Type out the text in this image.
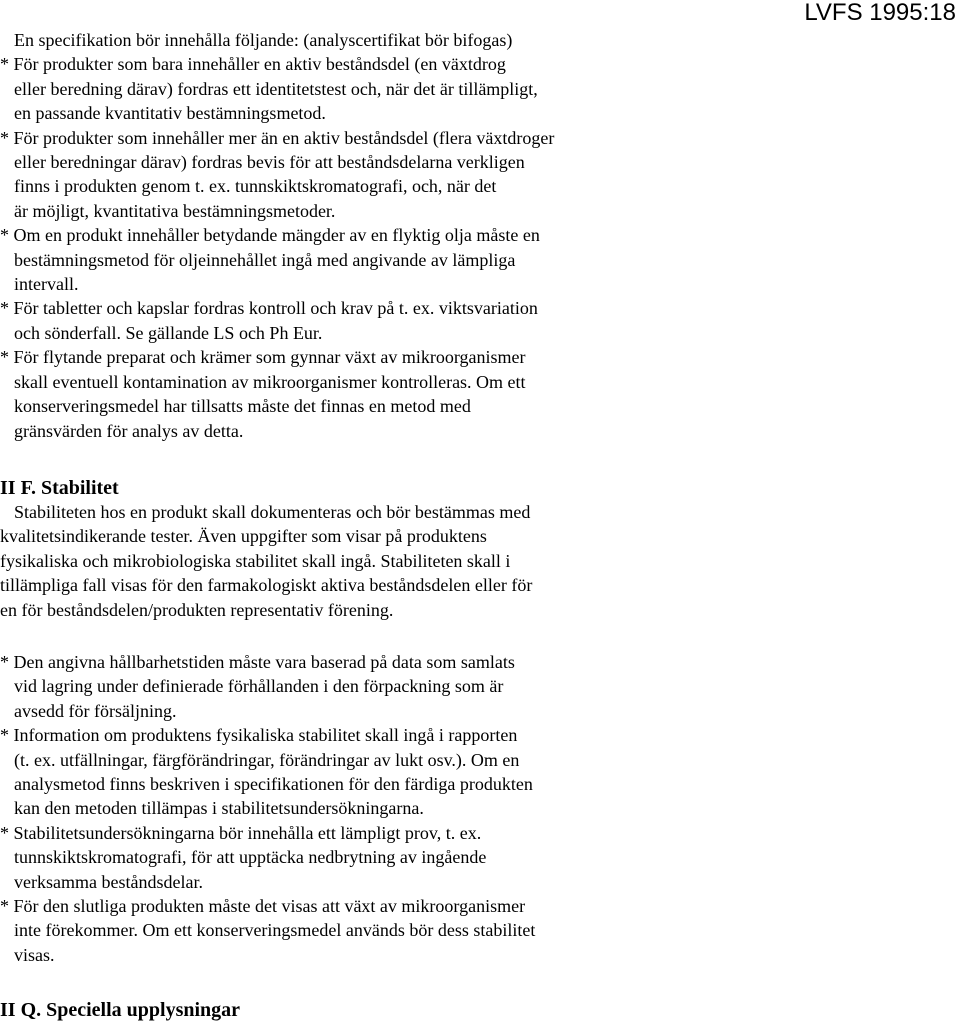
LVFS 1995:18
En specifikation bör innehålla följande: (analyscertifikat bör bifogas)
* För produkter som bara innehåller en aktiv beståndsdel (en växtdrog
eller beredning därav) fordras ett identitetstest och, när det är tillämpligt,
en passande kvantitativ bestämningsmetod.
* För produkter som innehåller mer än en aktiv beståndsdel (flera växtdroger
eller beredningar därav) fordras bevis för att beståndsdelarna verkligen
finns i produkten genom t. ex. tunnskiktskromatografi, och, när det
är möjligt, kvantitativa bestämningsmetoder.
* Om en produkt innehåller betydande mängder av en flyktig olja måste en
bestämningsmetod för oljeinnehållet ingå med angivande av lämpliga
intervall.
* För tabletter och kapslar fordras kontroll och krav på t. ex. viktsvariation
och sönderfall. Se gällande LS och Ph Eur.
* För flytande preparat och krämer som gynnar växt av mikroorganismer
skall eventuell kontamination av mikroorganismer kontrolleras. Om ett
konserveringsmedel har tillsatts måste det finnas en metod med
gränsvärden för analys av detta.
II F. Stabilitet
Stabiliteten hos en produkt skall dokumenteras och bör bestämmas med
kvalitetsindikerande tester. Även uppgifter som visar på produktens
fysikaliska och mikrobiologiska stabilitet skall ingå. Stabiliteten skall i
tillämpliga fall visas för den farmakologiskt aktiva beståndsdelen eller för
en för beståndsdelen/produkten representativ förening.
* Den angivna hållbarhetstiden måste vara baserad på data som samlats
vid lagring under definierade förhållanden i den förpackning som är
avsedd för försäljning.
* Information om produktens fysikaliska stabilitet skall ingå i rapporten
(t. ex. utfällningar, färgförändringar, förändringar av lukt osv.). Om en
analysmetod finns beskriven i specifikationen för den färdiga produkten
kan den metoden tillämpas i stabilitetsundersökningarna.
* Stabilitetsundersökningarna bör innehålla ett lämpligt prov, t. ex.
tunnskiktskromatografi, för att upptäcka nedbrytning av ingående
verksamma beståndsdelar.
* För den slutliga produkten måste det visas att växt av mikroorganismer
inte förekommer. Om ett konserveringsmedel används bör dess stabilitet
visas.
II Q. Speciella upplysningar
